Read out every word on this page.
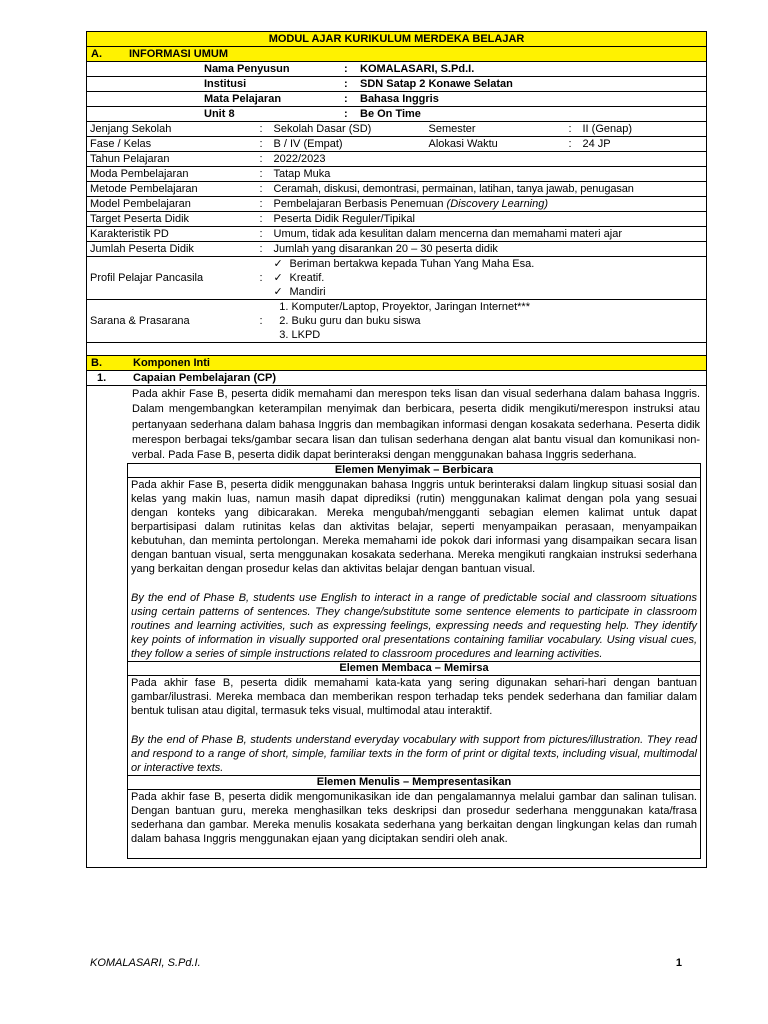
MODUL AJAR KURIKULUM MERDEKA BELAJAR
A. INFORMASI UMUM

Nama Penyusun	:	KOMALASARI, S.Pd.I.

Institusi	:	SDN Satap 2 Konawe Selatan

Mata Pelajaran	:	Bahasa Inggris

Unit 8	:	Be On Time

Jenjang Sekolah	:	Sekolah Dasar (SD)	Semester	:	II (Genap)
Fase / Kelas	:	B / IV (Empat)	Alokasi Waktu	:	24 JP
Tahun Pelajaran	:	2022/2023
Moda Pembelajaran	:	Tatap Muka
Metode Pembelajaran	:	Ceramah, diskusi, demontrasi, permainan, latihan, tanya jawab, penugasan
Model Pembelajaran	:	Pembelajaran Berbasis Penemuan (Discovery Learning)
Target Peserta Didik	:	Peserta Didik Reguler/Tipikal
Karakteristik PD	:	Umum, tidak ada kesulitan dalam mencerna dan memahami materi ajar
Jumlah Peserta Didik	:	Jumlah yang disarankan 20 – 30 peserta didik
Profil Pelajar Pancasila	:	
✓ Beriman bertakwa kepada Tuhan Yang Maha Esa.
✓ Kreatif.
✓ Mandiri

Sarana & Prasarana	:	
1. Komputer/Laptop, Proyektor, Jaringan Internet***
2. Buku guru dan buku siswa
3. LKPD

B.	Komponen Inti
1. Capaian Pembelajaran (CP)

Pada akhir Fase B, peserta didik memahami dan merespon teks lisan dan visual sederhana dalam bahasa Inggris. Dalam mengembangkan keterampilan menyimak dan berbicara, peserta didik mengikuti/merespon instruksi atau pertanyaan sederhana dalam bahasa Inggris dan membagikan informasi dengan kosakata sederhana. Peserta didik merespon berbagai teks/gambar secara lisan dan tulisan sederhana dengan alat bantu visual dan komunikasi non-verbal. Pada Fase B, peserta didik dapat berinteraksi dengan menggunakan bahasa Inggris sederhana.
Elemen Menyimak – Berbicara

Pada akhir Fase B, peserta didik menggunakan bahasa Inggris untuk berinteraksi dalam lingkup situasi sosial dan kelas yang makin luas, namun masih dapat diprediksi (rutin) menggunakan kalimat dengan pola yang sesuai dengan konteks yang dibicarakan. Mereka mengubah/mengganti sebagian elemen kalimat untuk dapat berpartisipasi dalam rutinitas kelas dan aktivitas belajar, seperti menyampaikan perasaan, menyampaikan kebutuhan, dan meminta pertolongan. Mereka memahami ide pokok dari informasi yang disampaikan secara lisan dengan bantuan visual, serta menggunakan kosakata sederhana. Mereka mengikuti rangkaian instruksi sederhana yang berkaitan dengan prosedur kelas dan aktivitas belajar dengan bantuan visual.

By the end of Phase B, students use English to interact in a range of predictable social and classroom situations using certain patterns of sentences. They change/substitute some sentence elements to participate in classroom routines and learning activities, such as expressing feelings, expressing needs and requesting help. They identify key points of information in visually supported oral presentations containing familiar vocabulary. Using visual cues, they follow a series of simple instructions related to classroom procedures and learning activities.

Elemen Membaca – Memirsa

Pada akhir fase B, peserta didik memahami kata-kata yang sering digunakan sehari-hari dengan bantuan gambar/ilustrasi. Mereka membaca dan memberikan respon terhadap teks pendek sederhana dan familiar dalam bentuk tulisan atau digital, termasuk teks visual, multimodal atau interaktif.

By the end of Phase B, students understand everyday vocabulary with support from pictures/illustration. They read and respond to a range of short, simple, familiar texts in the form of print or digital texts, including visual, multimodal or interactive texts.

Elemen Menulis – Mempresentasikan

Pada akhir fase B, peserta didik mengomunikasikan ide dan pengalamannya melalui gambar dan salinan tulisan. Dengan bantuan guru, mereka menghasilkan teks deskripsi dan prosedur sederhana menggunakan kata/frasa sederhana dan gambar. Mereka menulis kosakata sederhana yang berkaitan dengan lingkungan kelas dan rumah dalam bahasa Inggris menggunakan ejaan yang diciptakan sendiri oleh anak.

KOMALASARI, S.Pd.I.	1
